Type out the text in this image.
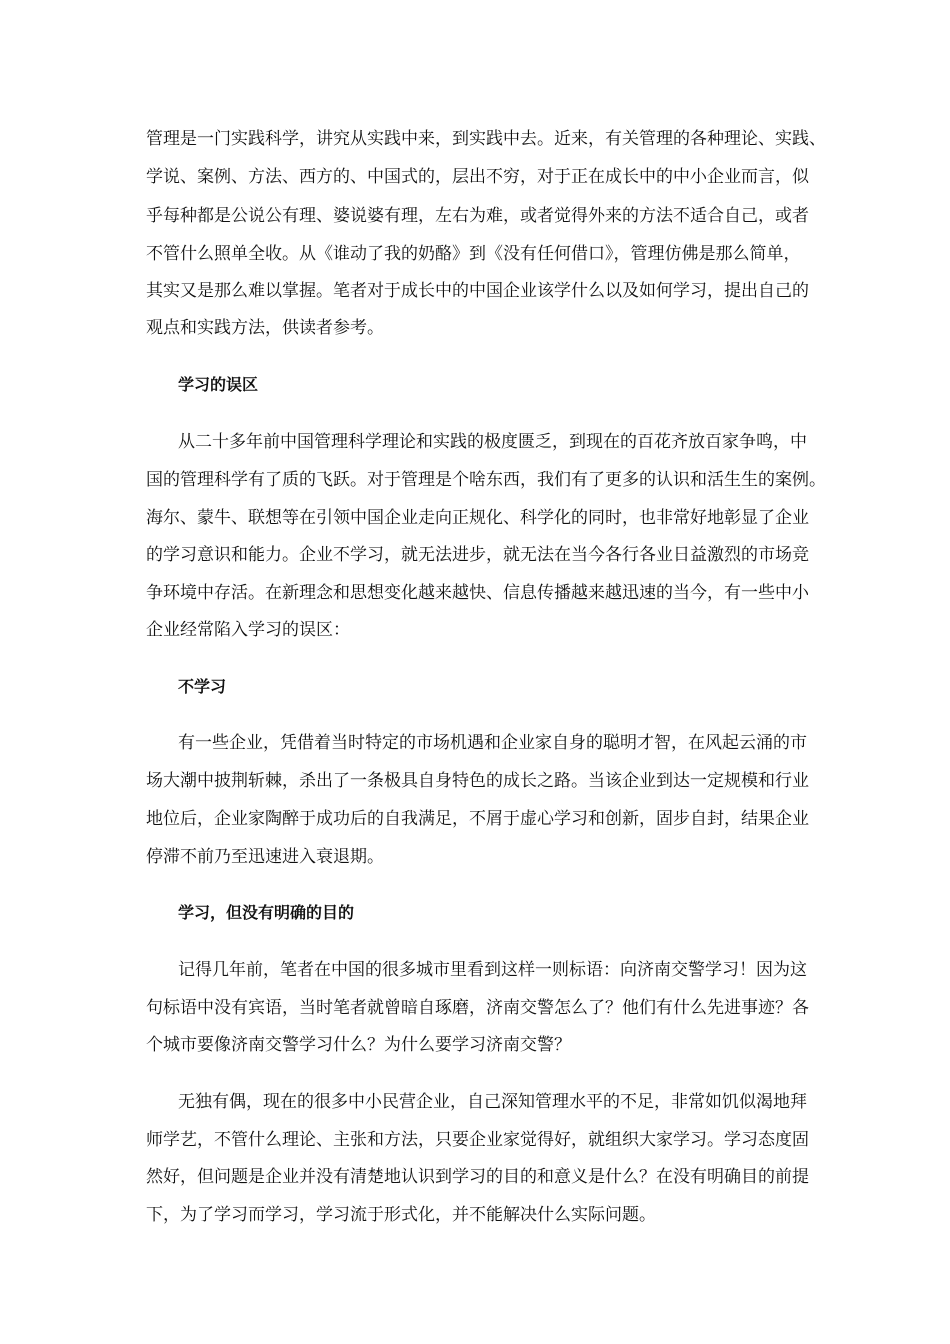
管理是一门实践科学，讲究从实践中来，到实践中去。近来，有关管理的各种理论、实践、
学说、案例、方法、西方的、中国式的，层出不穷，对于正在成长中的中小企业而言，似
乎每种都是公说公有理、婆说婆有理，左右为难，或者觉得外来的方法不适合自己，或者
不管什么照单全收。从《谁动了我的奶酪》到《没有任何借口》，管理仿佛是那么简单，
其实又是那么难以掌握。笔者对于成长中的中国企业该学什么以及如何学习，提出自己的
观点和实践方法，供读者参考。
学习的误区
从二十多年前中国管理科学理论和实践的极度匮乏，到现在的百花齐放百家争鸣，中
国的管理科学有了质的飞跃。对于管理是个啥东西，我们有了更多的认识和活生生的案例。
海尔、蒙牛、联想等在引领中国企业走向正规化、科学化的同时，也非常好地彰显了企业
的学习意识和能力。企业不学习，就无法进步，就无法在当今各行各业日益激烈的市场竞
争环境中存活。在新理念和思想变化越来越快、信息传播越来越迅速的当今，有一些中小
企业经常陷入学习的误区：
不学习
有一些企业，凭借着当时特定的市场机遇和企业家自身的聪明才智，在风起云涌的市
场大潮中披荆斩棘，杀出了一条极具自身特色的成长之路。当该企业到达一定规模和行业
地位后，企业家陶醉于成功后的自我满足，不屑于虚心学习和创新，固步自封，结果企业
停滞不前乃至迅速进入衰退期。
学习，但没有明确的目的
记得几年前，笔者在中国的很多城市里看到这样一则标语：向济南交警学习！因为这
句标语中没有宾语，当时笔者就曾暗自琢磨，济南交警怎么了？他们有什么先进事迹？各
个城市要像济南交警学习什么？为什么要学习济南交警？
无独有偶，现在的很多中小民营企业，自己深知管理水平的不足，非常如饥似渴地拜
师学艺，不管什么理论、主张和方法，只要企业家觉得好，就组织大家学习。学习态度固
然好，但问题是企业并没有清楚地认识到学习的目的和意义是什么？在没有明确目的前提
下，为了学习而学习，学习流于形式化，并不能解决什么实际问题。
